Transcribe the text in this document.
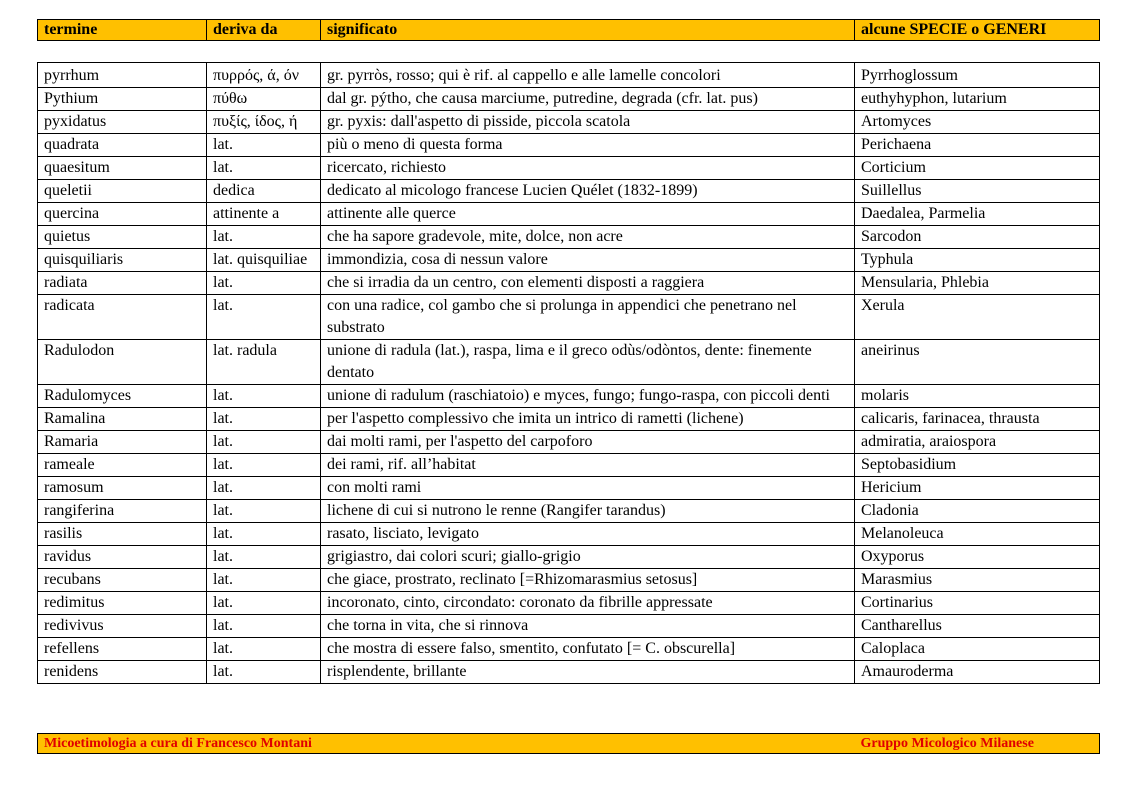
termine	deriva da	significato	alcune SPECIE o GENERI
pyrrhum	πυρρός, ά, όν	gr. pyrròs, rosso; qui è rif. al cappello e alle lamelle concolori	Pyrrhoglossum
Pythium	πύθω	dal gr. pýtho, che causa marciume, putredine, degrada (cfr. lat. pus)	euthyhyphon, lutarium
pyxidatus	πυξίς, ίδος, ή	gr. pyxis: dall'aspetto di pisside, piccola scatola	Artomyces
quadrata	lat.	più o meno di questa forma	Perichaena
quaesitum	lat.	ricercato, richiesto	Corticium
queletii	dedica	dedicato al micologo francese Lucien Quélet (1832-1899)	Suillellus
quercina	attinente a	attinente alle querce	Daedalea, Parmelia
quietus	lat.	che ha sapore gradevole, mite, dolce, non acre	Sarcodon
quisquiliaris	lat. quisquiliae	immondizia, cosa di nessun valore	Typhula
radiata	lat.	che si irradia da un centro, con elementi disposti a raggiera	Mensularia, Phlebia
radicata	lat.	con una radice, col gambo che si prolunga in appendici che penetrano nel substrato	Xerula
Radulodon	lat. radula	unione di radula (lat.), raspa, lima e il greco odùs/odòntos, dente: finemente dentato	aneirinus
Radulomyces	lat.	unione di radulum (raschiatoio) e myces, fungo; fungo-raspa, con piccoli denti	molaris
Ramalina	lat.	per l'aspetto complessivo che imita un intrico di rametti (lichene)	calicaris, farinacea, thrausta
Ramaria	lat.	dai molti rami, per l'aspetto del carpoforo	admiratia, araiospora
rameale	lat.	dei rami, rif. all’habitat	Septobasidium
ramosum	lat.	con molti rami	Hericium
rangiferina	lat.	lichene di cui si nutrono le renne (Rangifer tarandus)	Cladonia
rasilis	lat.	rasato, lisciato, levigato	Melanoleuca
ravidus	lat.	grigiastro, dai colori scuri; giallo-grigio	Oxyporus
recubans	lat.	che giace, prostrato, reclinato [=Rhizomarasmius setosus]	Marasmius
redimitus	lat.	incoronato, cinto, circondato: coronato da fibrille appressate	Cortinarius
redivivus	lat.	che torna in vita, che si rinnova	Cantharellus
refellens	lat.	che mostra di essere falso, smentito, confutato [= C. obscurella]	Caloplaca
renidens	lat.	risplendente, brillante	Amauroderma
Micoetimologia a cura di Francesco Montani	Gruppo Micologico Milanese
